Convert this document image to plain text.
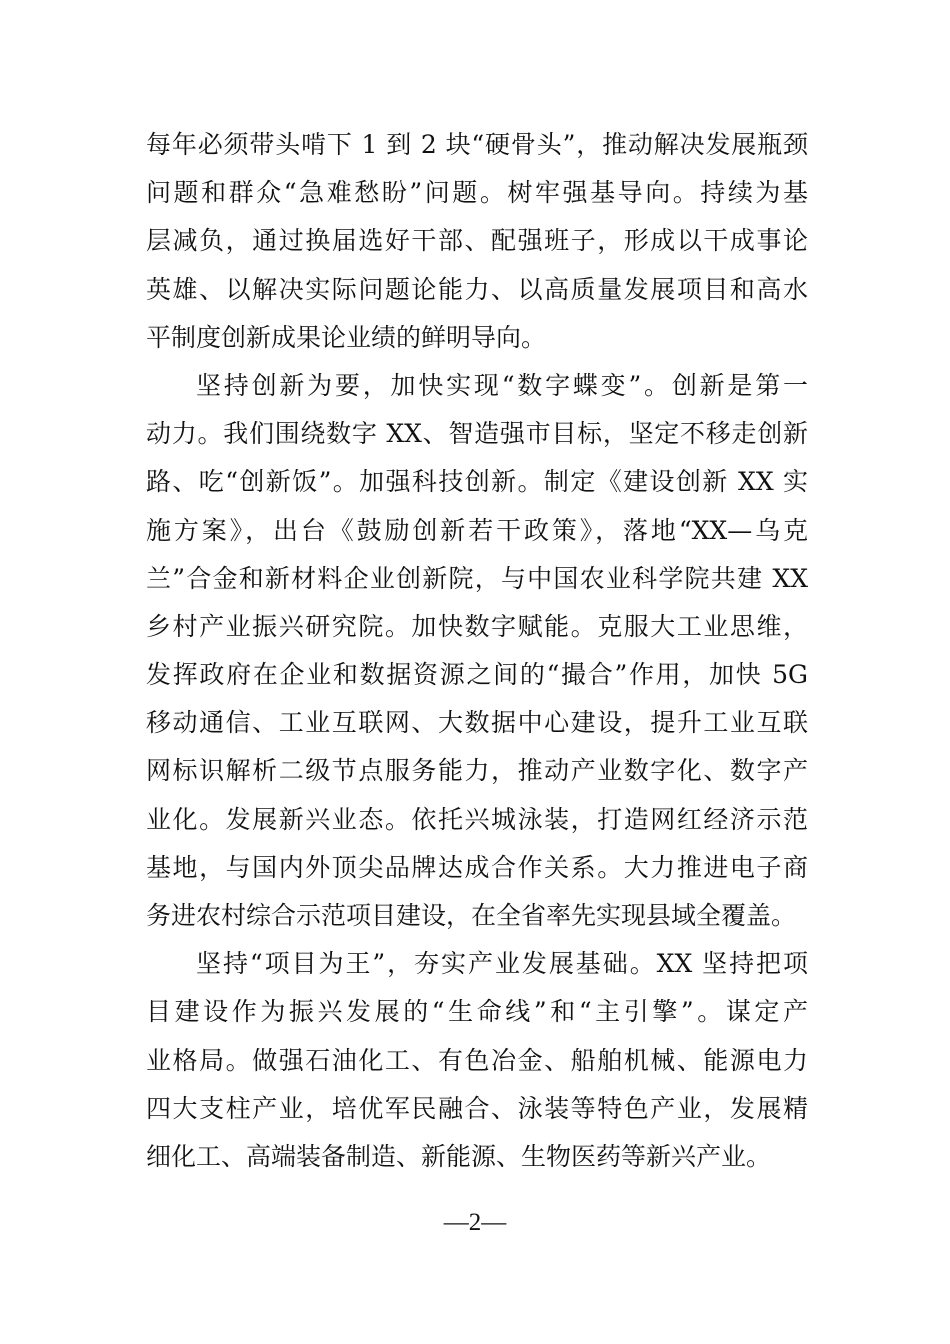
每年必须带头啃下 1 到 2 块“硬骨头”，推动解决发展瓶颈
问题和群众“急难愁盼”问题。树牢强基导向。持续为基
层减负，通过换届选好干部、配强班子，形成以干成事论
英雄、以解决实际问题论能力、以高质量发展项目和高水
平制度创新成果论业绩的鲜明导向。
坚持创新为要，加快实现“数字蝶变”。创新是第一
动力。我们围绕数字 XX、智造强市目标，坚定不移走创新
路、吃“创新饭”。加强科技创新。制定《建设创新 XX 实
施方案》，出台《鼓励创新若干政策》，落地“XX—乌克
兰”合金和新材料企业创新院，与中国农业科学院共建 XX
乡村产业振兴研究院。加快数字赋能。克服大工业思维，
发挥政府在企业和数据资源之间的“撮合”作用，加快 5G
移动通信、工业互联网、大数据中心建设，提升工业互联
网标识解析二级节点服务能力，推动产业数字化、数字产
业化。发展新兴业态。依托兴城泳装，打造网红经济示范
基地，与国内外顶尖品牌达成合作关系。大力推进电子商
务进农村综合示范项目建设，在全省率先实现县域全覆盖。
坚持“项目为王”，夯实产业发展基础。XX 坚持把项
目建设作为振兴发展的“生命线”和“主引擎”。谋定产
业格局。做强石油化工、有色冶金、船舶机械、能源电力
四大支柱产业，培优军民融合、泳装等特色产业，发展精
细化工、高端装备制造、新能源、生物医药等新兴产业。
—2—
